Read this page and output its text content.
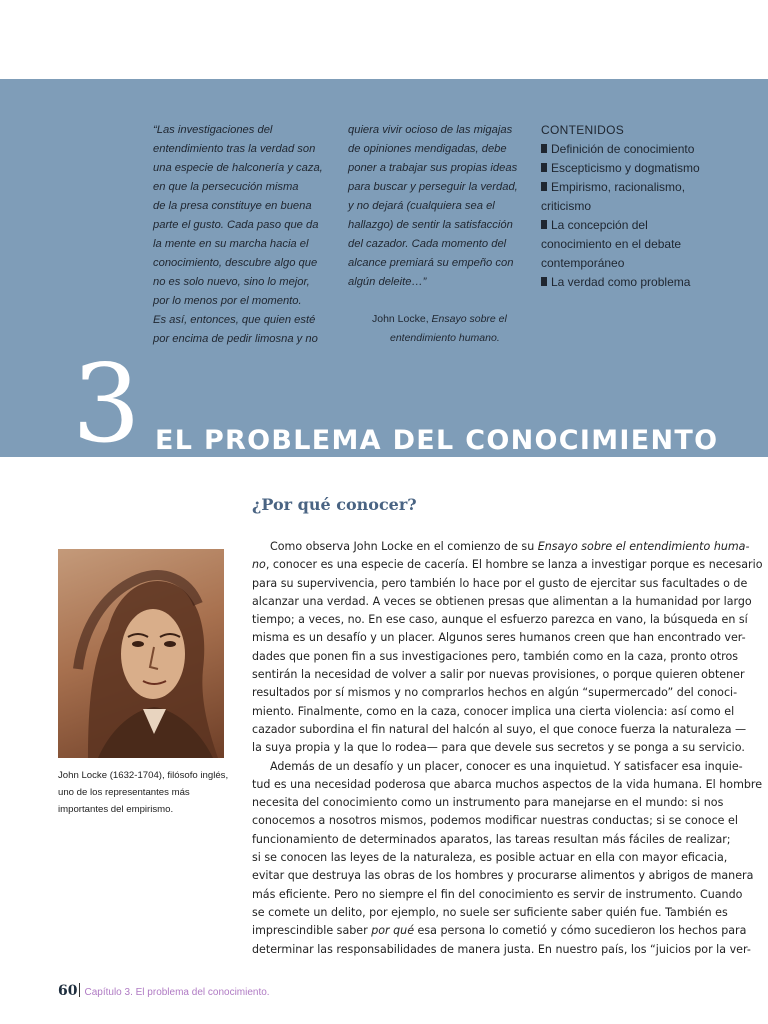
“Las investigaciones del
entendimiento tras la verdad son
una especie de halconería y caza,
en que la persecución misma
de la presa constituye en buena
parte el gusto. Cada paso que da
la mente en su marcha hacia el
conocimiento, descubre algo que
no es solo nuevo, sino lo mejor,
por lo menos por el momento.
Es así, entonces, que quien esté
por encima de pedir limosna y no
quiera vivir ocioso de las migajas
de opiniones mendigadas, debe
poner a trabajar sus propias ideas
para buscar y perseguir la verdad,
y no dejará (cualquiera sea el
hallazgo) de sentir la satisfacción
del cazador. Cada momento del
alcance premiará su empeño con
algún deleite…”
John Locke, Ensayo sobre el
entendimiento humano.
CONTENIDOS
Definición de conocimiento
Escepticismo y dogmatismo
Empirismo, racionalismo,
criticismo
La concepción del
conocimiento en el debate
contemporáneo
La verdad como problema
3 EL PROBLEMA DEL CONOCIMIENTO
¿Por qué conocer?
John Locke (1632-1704), filósofo inglés, uno de los representantes más importantes del empirismo.
Como observa John Locke en el comienzo de su Ensayo sobre el entendimiento huma-
no, conocer es una especie de cacería. El hombre se lanza a investigar porque es necesario
para su supervivencia, pero también lo hace por el gusto de ejercitar sus facultades o de
alcanzar una verdad. A veces se obtienen presas que alimentan a la humanidad por largo
tiempo; a veces, no. En ese caso, aunque el esfuerzo parezca en vano, la búsqueda en sí
misma es un desafío y un placer. Algunos seres humanos creen que han encontrado ver-
dades que ponen fin a sus investigaciones pero, también como en la caza, pronto otros
sentirán la necesidad de volver a salir por nuevas provisiones, o porque quieren obtener
resultados por sí mismos y no comprarlos hechos en algún “supermercado” del conoci-
miento. Finalmente, como en la caza, conocer implica una cierta violencia: así como el
cazador subordina el fin natural del halcón al suyo, el que conoce fuerza la naturaleza —
la suya propia y la que lo rodea— para que devele sus secretos y se ponga a su servicio.
Además de un desafío y un placer, conocer es una inquietud. Y satisfacer esa inquie-
tud es una necesidad poderosa que abarca muchos aspectos de la vida humana. El hombre
necesita del conocimiento como un instrumento para manejarse en el mundo: si nos
conocemos a nosotros mismos, podemos modificar nuestras conductas; si se conoce el
funcionamiento de determinados aparatos, las tareas resultan más fáciles de realizar;
si se conocen las leyes de la naturaleza, es posible actuar en ella con mayor eficacia,
evitar que destruya las obras de los hombres y procurarse alimentos y abrigos de manera
más eficiente. Pero no siempre el fin del conocimiento es servir de instrumento. Cuando
se comete un delito, por ejemplo, no suele ser suficiente saber quién fue. También es
imprescindible saber por qué esa persona lo cometió y cómo sucedieron los hechos para
determinar las responsabilidades de manera justa. En nuestro país, los “juicios por la ver-
60 Capítulo 3. El problema del conocimiento.
